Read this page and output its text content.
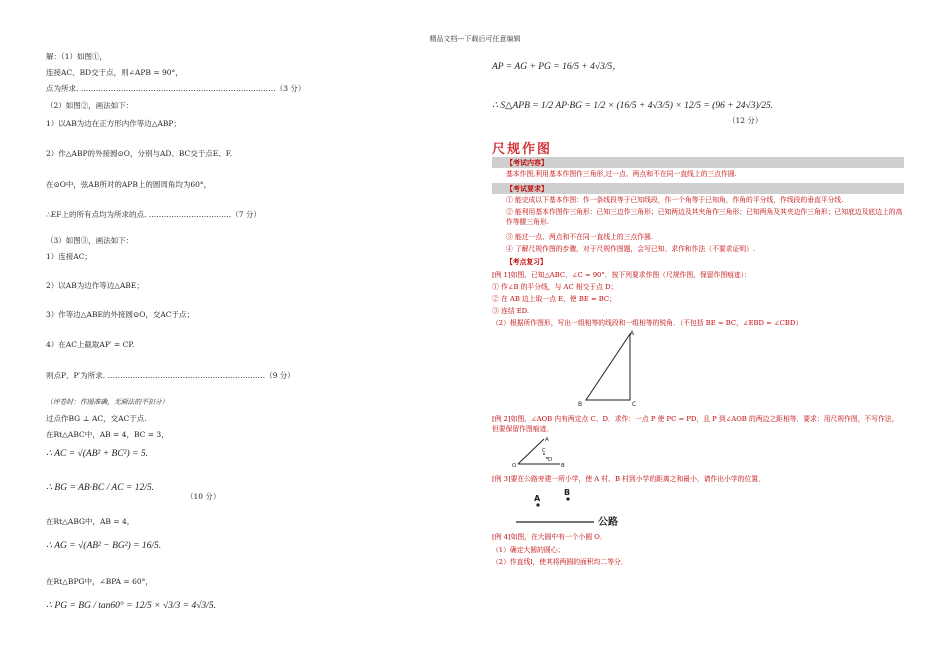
精品文档---下载后可任意编辑
解：（1）如图①，
连接AC、BD交于点，则∠APB = 90°，
点为所求. ……………………………………………………………………（3 分）
（2）如图②，画法如下：
1）以AB为边在正方形内作等边△ABP；
2）作△ABP的外接圆⊙O，分别与AD、BC交于点E、F.
在⊙O中，弦AB所对的APB上的圆周角均为60°，
∴EF上的所有点均为所求的点. ……………………………（7 分）
（3）如图③，画法如下：
1）连接AC；
2）以AB为边作等边△ABE；
3）作等边△ABE的外接圆⊙O，交AC于点；
4）在AC上截取AP′ = CP.
则点P、P′为所求. ………………………………………………………（9 分）
（评卷时：作图准确，无画法的不扣分）
过点作BG ⊥ AC，交AC于点.
在Rt△ABC中，AB = 4，BC = 3，
∴ AC = √(AB² + BC²) = 5.
∴ BG = AB·BC / AC = 12/5.
（10 分）
在Rt△ABG中，AB = 4，
∴ AG = √(AB² − BG²) = 16/5.
在Rt△BPG中，∠BPA = 60°，
∴ PG = BG / tan60° = 12/5 × √3/3 = 4√3/5.
AP = AG + PG = 16/5 + 4√3/5，
∴ S△APB = 1/2 AP·BG = 1/2 × (16/5 + 4√3/5) × 12/5 = (96 + 24√3)/25.
（12 分）
尺规作图
【考试内容】
基本作图,利用基本作图作三角形,过一点、两点和不在同一直线上的三点作圆.
【考试要求】
① 能完成以下基本作图：作一条线段等于已知线段，作一个角等于已知角，作角的平分线，作线段的垂直平分线.
② 能利用基本作图作三角形：已知三边作三角形；已知两边及其夹角作三角形；已知两角及其夹边作三角形；已知底边及底边上的高作等腰三角形.
③ 能过一点、两点和不在同一直线上的三点作圆.
④ 了解尺规作图的步骤，对于尺规作图题，会写已知、求作和作法（不要求证明）.
【考点复习】
[例 1]如图，已知△ABC，∠C = 90°．按下列要求作图（尺规作图，保留作图痕迹）：
① 作∠B 的平分线，与 AC 相交于点 D；
② 在 AB 边上取一点 E，使 BE = BC；
③ 连结 ED.
（2）根据所作图形，写出一组相等的线段和一组相等的锐角．（不包括 BE = BC，∠EBD = ∠CBD）
A
B	C
[例 2]如图，∠AOB 内有两定点 C、D．求作：一点 P 使 PC = PD，且 P 到∠AOB 的两边之距相等．要求：用尺规作图，不写作法，但要保留作图痕迹．
A
C
D
O	B
[例 3]要在公路旁建一所小学，使 A 村、B 村到小学的距离之和最小，请作出小学的位置．
A
B
公路
[例 4]如图，在大圆中有一个小圆 O．
（1）确定大圆的圆心；
（2）作直线l，使其将两圆的面积均二等分．
